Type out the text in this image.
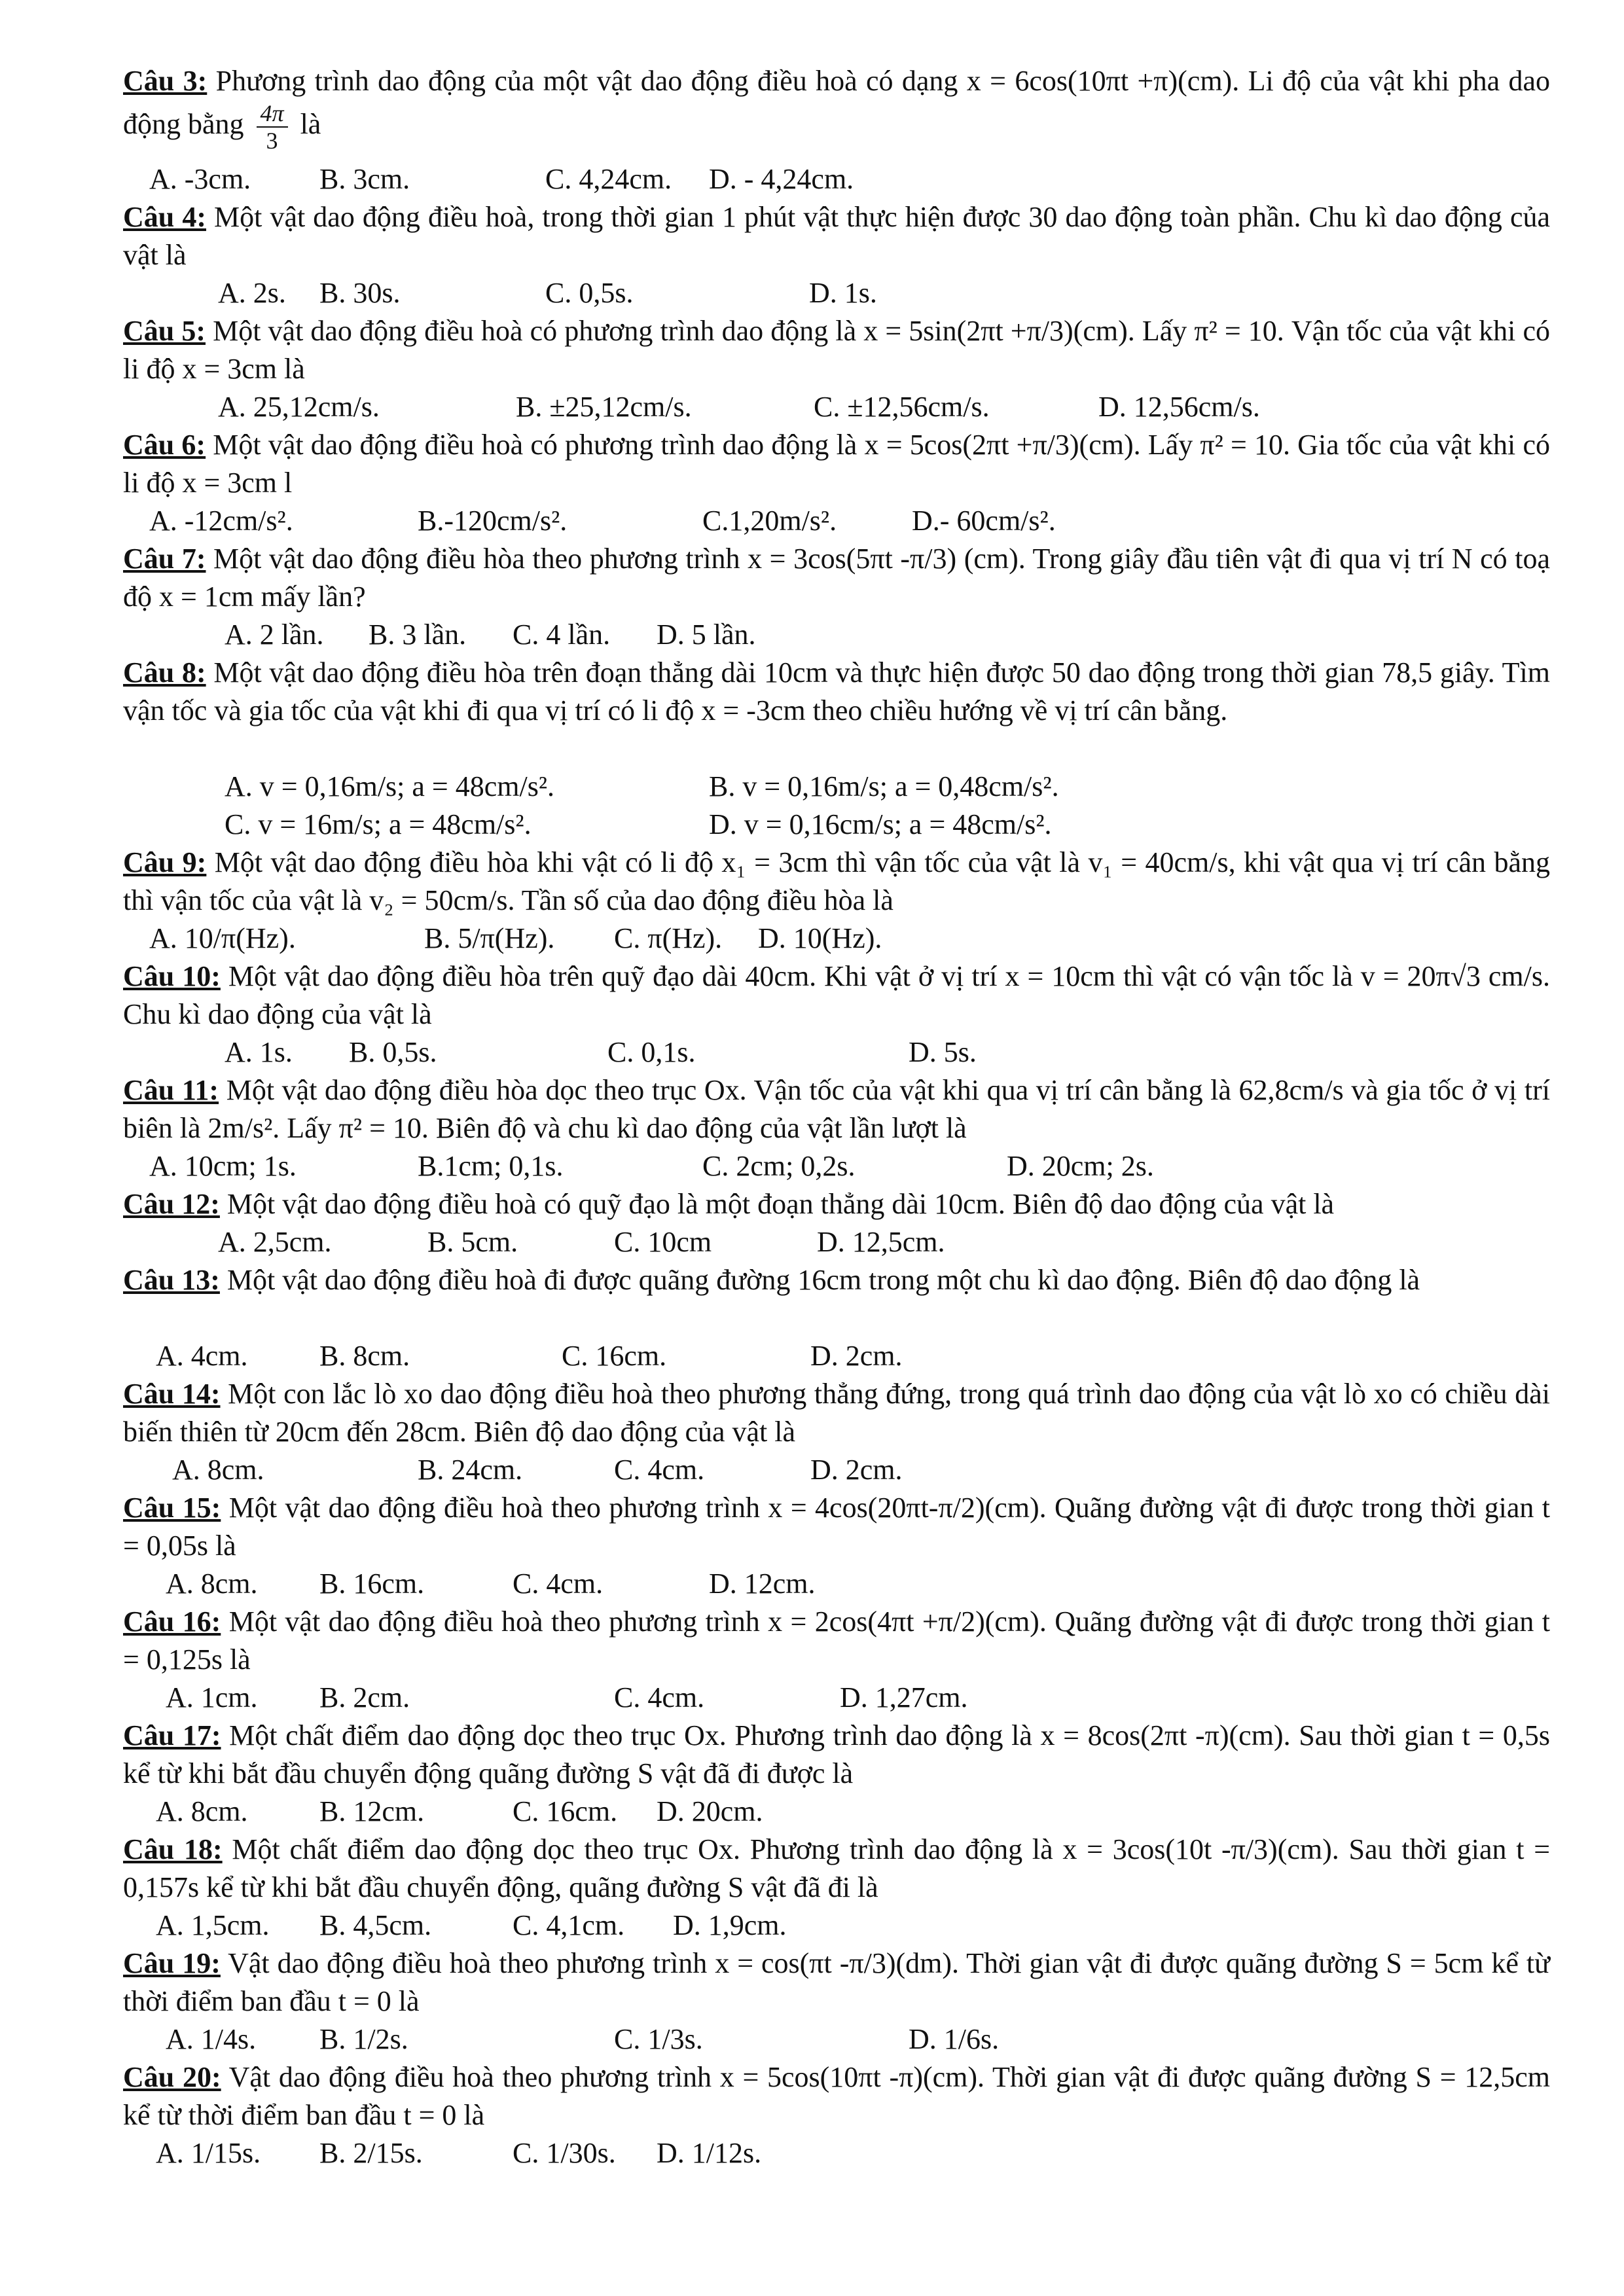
Câu 3: Phương trình dao động của một vật dao động điều hoà có dạng x = 6cos(10πt +π)(cm). Li độ của vật khi pha dao động bằng $\frac{4\pi}{3}$ là
A. -3cm. B. 3cm.	C. 4,24cm. D. - 4,24cm.
Câu 4: Một vật dao động điều hoà, trong thời gian 1 phút vật thực hiện được 30 dao động toàn phần. Chu kì dao động của vật là
A. 2s. B. 30s.	C. 0,5s.	D. 1s.
Câu 5: Một vật dao động điều hoà có phương trình dao động là x = 5sin(2πt +π/3)(cm). Lấy π² = 10. Vận tốc của vật khi có li độ x = 3cm là
A. 25,12cm/s.	B. ±25,12cm/s.	C. ±12,56cm/s.	D. 12,56cm/s.
Câu 6: Một vật dao động điều hoà có phương trình dao động là x = 5cos(2πt +π/3)(cm). Lấy π² = 10. Gia tốc của vật khi có li độ x = 3cm l
A. -12cm/s².	B.-120cm/s².	C.1,20m/s².	D.- 60cm/s².
Câu 7: Một vật dao động điều hòa theo phương trình x = 3cos(5πt -π/3) (cm). Trong giây đầu tiên vật đi qua vị trí N có toạ độ x = 1cm mấy lần?
A. 2 lần. B. 3 lần. C. 4 lần. D. 5 lần.
Câu 8: Một vật dao động điều hòa trên đoạn thẳng dài 10cm và thực hiện được 50 dao động trong thời gian 78,5 giây. Tìm vận tốc và gia tốc của vật khi đi qua vị trí có li độ x = -3cm theo chiều hướng về vị trí cân bằng.
A. v = 0,16m/s; a = 48cm/s².	B. v = 0,16m/s; a = 0,48cm/s².
C. v = 16m/s; a = 48cm/s².	D. v = 0,16cm/s; a = 48cm/s².
Câu 9: Một vật dao động điều hòa khi vật có li độ x₁ = 3cm thì vận tốc của vật là v₁ = 40cm/s, khi vật qua vị trí cân bằng thì vận tốc của vật là v₂ = 50cm/s. Tần số của dao động điều hòa là
A. 10/π(Hz).	B. 5/π(Hz). C. π(Hz). D. 10(Hz).
Câu 10: Một vật dao động điều hòa trên quỹ đạo dài 40cm. Khi vật ở vị trí x = 10cm thì vật có vận tốc là v = 20π√3 cm/s. Chu kì dao động của vật là
A. 1s. B. 0,5s.	C. 0,1s.	D. 5s.
Câu 11: Một vật dao động điều hòa dọc theo trục Ox. Vận tốc của vật khi qua vị trí cân bằng là 62,8cm/s và gia tốc ở vị trí biên là 2m/s². Lấy π² = 10. Biên độ và chu kì dao động của vật lần lượt là
A. 10cm; 1s.	B.1cm; 0,1s.	C. 2cm; 0,2s.	D. 20cm; 2s.
Câu 12: Một vật dao động điều hoà có quỹ đạo là một đoạn thẳng dài 10cm. Biên độ dao động của vật là
A. 2,5cm.	B. 5cm.	C. 10cm	D. 12,5cm.
Câu 13: Một vật dao động điều hoà đi được quãng đường 16cm trong một chu kì dao động. Biên độ dao động là
A. 4cm. B. 8cm.	C. 16cm.	D. 2cm.
Câu 14: Một con lắc lò xo dao động điều hoà theo phương thẳng đứng, trong quá trình dao động của vật lò xo có chiều dài biến thiên từ 20cm đến 28cm. Biên độ dao động của vật là
A. 8cm.	B. 24cm.	C. 4cm.	D. 2cm.
Câu 15: Một vật dao động điều hoà theo phương trình x = 4cos(20πt-π/2)(cm). Quãng đường vật đi được trong thời gian t = 0,05s là
A. 8cm. B. 16cm.	C. 4cm.	D. 12cm.
Câu 16: Một vật dao động điều hoà theo phương trình x = 2cos(4πt +π/2)(cm). Quãng đường vật đi được trong thời gian t = 0,125s là
A. 1cm. B. 2cm.	C. 4cm.	D. 1,27cm.
Câu 17: Một chất điểm dao động dọc theo trục Ox. Phương trình dao động là x = 8cos(2πt -π)(cm). Sau thời gian t = 0,5s kể từ khi bắt đầu chuyển động quãng đường S vật đã đi được là
A. 8cm. B. 12cm.	C. 16cm. D. 20cm.
Câu 18: Một chất điểm dao động dọc theo trục Ox. Phương trình dao động là x = 3cos(10t -π/3)(cm). Sau thời gian t = 0,157s kể từ khi bắt đầu chuyển động, quãng đường S vật đã đi là
A. 1,5cm. B. 4,5cm.	C. 4,1cm. D. 1,9cm.
Câu 19: Vật dao động điều hoà theo phương trình x = cos(πt -π/3)(dm). Thời gian vật đi được quãng đường S = 5cm kể từ thời điểm ban đầu t = 0 là
A. 1/4s. B. 1/2s.	C. 1/3s.	D. 1/6s.
Câu 20: Vật dao động điều hoà theo phương trình x = 5cos(10πt -π)(cm). Thời gian vật đi được quãng đường S = 12,5cm kể từ thời điểm ban đầu t = 0 là
A. 1/15s. B. 2/15s.	C. 1/30s. D. 1/12s.
